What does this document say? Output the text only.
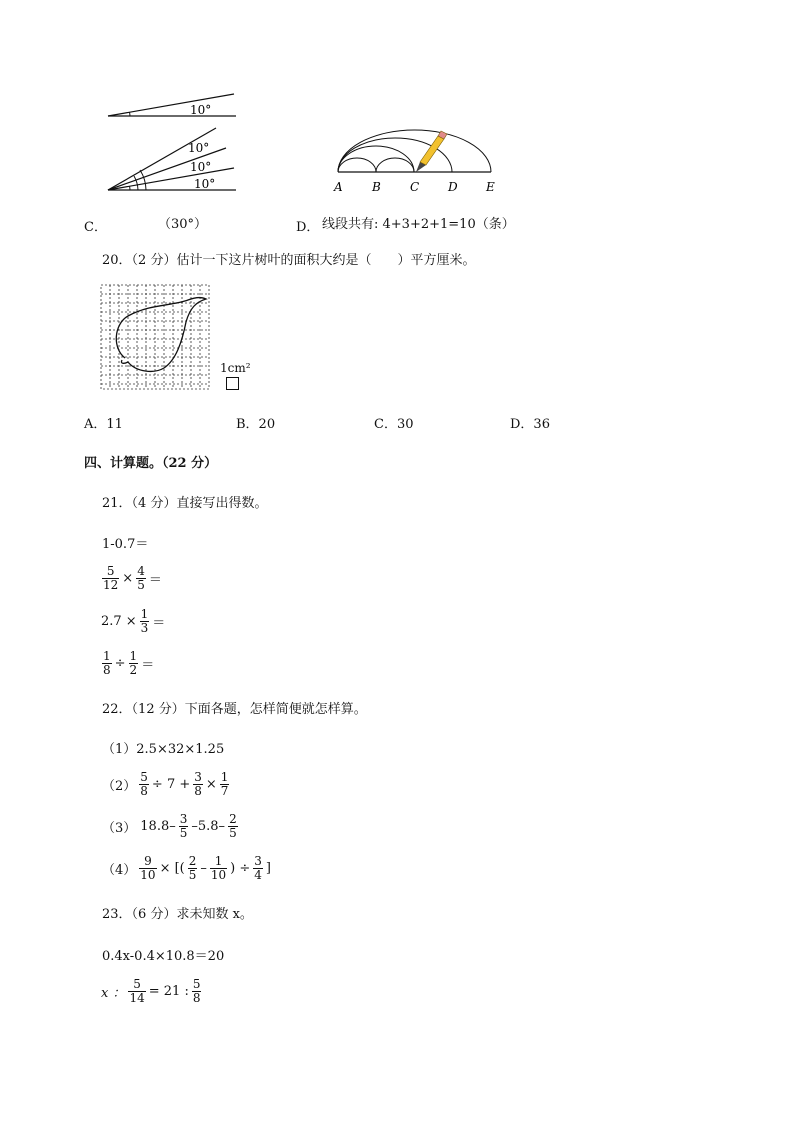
10°
10°
10°
10°	A B C D E
C．	（30°）	D． 线段共有: 4+3+2+1=10（条）
20．（2 分）估计一下这片树叶的面积大约是（　　）平方厘米。
1cm²
A．11	B．20	C．30	D．36
四、计算题。（22 分）
21．（4 分）直接写出得数。
1-0.7＝
$\frac{5}{12} \times \frac{4}{5}$ ＝
$2.7 \times \frac{1}{3}$ ＝
$\frac{1}{8} \div \frac{1}{2}$ ＝
22．（12 分）下面各题，怎样简便就怎样算。
（1）2.5×32×1.25
$(2) \frac{5}{8} \div 7 + \frac{3}{8} \times \frac{1}{7}$
（3） $18.8- \frac{3}{5} -5.8- \frac{2}{5}$
$(4) \frac{9}{10}$ × [( $\frac{2}{5} - \frac{1}{10}$ ) ÷ $\frac{3}{4}$ ]
23．（6 分）求未知数 x。
0.4x-0.4×10.8＝20
x ： $\frac{5}{14} = 21$ : $\frac{5}{8}$
